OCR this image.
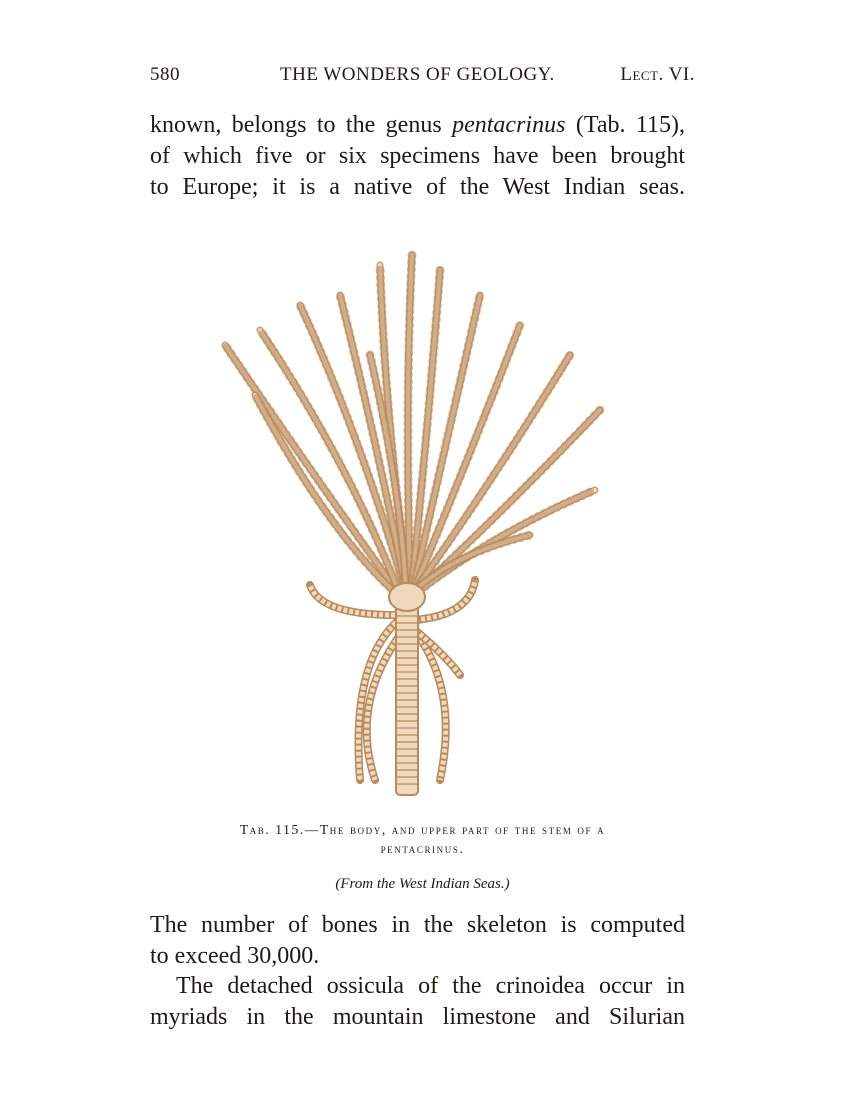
580	THE WONDERS OF GEOLOGY.	Lect. VI.
known, belongs to the genus pentacrinus (Tab. 115),
of which five or six specimens have been brought
to Europe; it is a native of the West Indian seas.
Tab. 115.—The body, and upper part of the stem of a
pentacrinus.
(From the West Indian Seas.)
The number of bones in the skeleton is computed
to exceed 30,000.
The detached ossicula of the crinoidea occur in
myriads in the mountain limestone and Silurian
